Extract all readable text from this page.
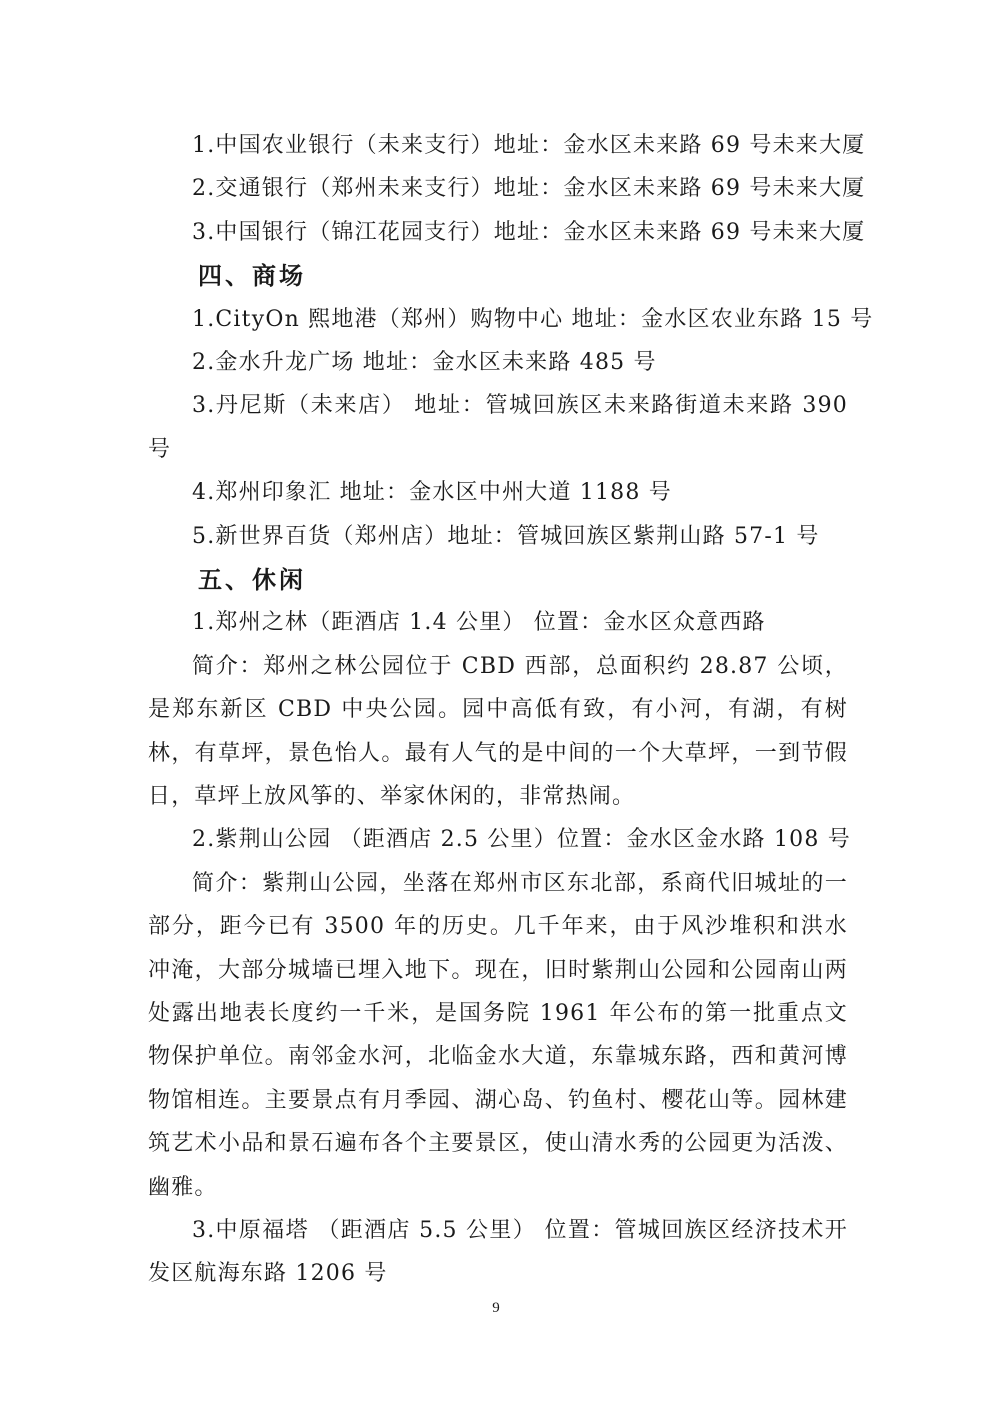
1.中国农业银行（未来支行）地址：金水区未来路 69 号未来大厦
2.交通银行（郑州未来支行）地址：金水区未来路 69 号未来大厦
3.中国银行（锦江花园支行）地址：金水区未来路 69 号未来大厦
四、商场
1.CityOn 熙地港（郑州）购物中心 地址：金水区农业东路 15 号
2.金水升龙广场 地址：金水区未来路 485 号

3.丹尼斯（未来店） 地址：管城回族区未来路街道未来路 390 号

4.郑州印象汇 地址：金水区中州大道 1188 号
5.新世界百货（郑州店）地址：管城回族区紫荆山路 57-1 号
五、休闲
1.郑州之林（距酒店 1.4 公里） 位置：金水区众意西路

简介：郑州之林公园位于 CBD 西部，总面积约 28.87 公顷，是郑东新区 CBD 中央公园。园中高低有致，有小河，有湖，有树林，有草坪，景色怡人。最有人气的是中间的一个大草坪，一到节假日，草坪上放风筝的、举家休闲的，非常热闹。

2.紫荆山公园 （距酒店 2.5 公里）位置：金水区金水路 108 号

简介：紫荆山公园，坐落在郑州市区东北部，系商代旧城址的一部分，距今已有 3500 年的历史。几千年来，由于风沙堆积和洪水冲淹，大部分城墙已埋入地下。现在，旧时紫荆山公园和公园南山两处露出地表长度约一千米，是国务院 1961 年公布的第一批重点文物保护单位。南邻金水河，北临金水大道，东靠城东路，西和黄河博物馆相连。主要景点有月季园、湖心岛、钓鱼村、樱花山等。园林建筑艺术小品和景石遍布各个主要景区，使山清水秀的公园更为活泼、幽雅。

3.中原福塔 （距酒店 5.5 公里） 位置：管城回族区经济技术开发区航海东路 1206 号

9
